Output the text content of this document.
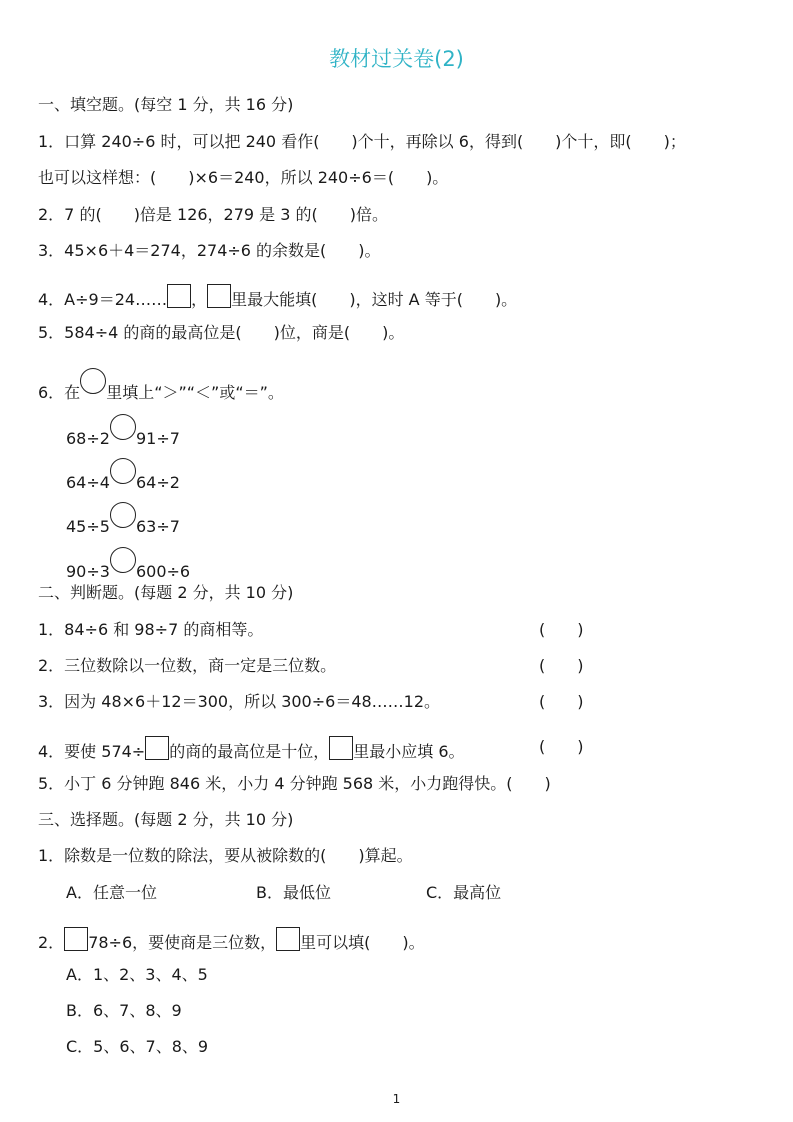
教材过关卷(2)
一、填空题。(每空 1 分，共 16 分)
1．口算 240÷6 时，可以把 240 看作(　　)个十，再除以 6，得到(　　)个十，即(　　)；
也可以这样想：(　　)×6＝240，所以 240÷6＝(　　)。
2．7 的(　　)倍是 126，279 是 3 的(　　)倍。
3．45×6＋4＝274，274÷6 的余数是(　　)。
4．A÷9＝24…… ， 里最大能填(　　)，这时 A 等于(　　)。
5．584÷4 的商的最高位是(　　)位，商是(　　)。
6．在 里填上“＞”“＜”或“＝”。
68÷2 91÷7
64÷4 64÷2
45÷5 63÷7
90÷3 600÷6
二、判断题。(每题 2 分，共 10 分)
1．84÷6 和 98÷7 的商相等。	(　　)
2．三位数除以一位数，商一定是三位数。	(　　)
3．因为 48×6＋12＝300，所以 300÷6＝48……12。	(　　)
4．要使 574÷ 的商的最高位是十位， 里最小应填 6。	(　　)
5．小丁 6 分钟跑 846 米，小力 4 分钟跑 568 米，小力跑得快。(　　)
三、选择题。(每题 2 分，共 10 分)
1．除数是一位数的除法，要从被除数的(　　)算起。
A．任意一位	B．最低位	C．最高位
2． 78÷6，要使商是三位数， 里可以填(　　)。
A．1、2、3、4、5
B．6、7、8、9
C．5、6、7、8、9
1
